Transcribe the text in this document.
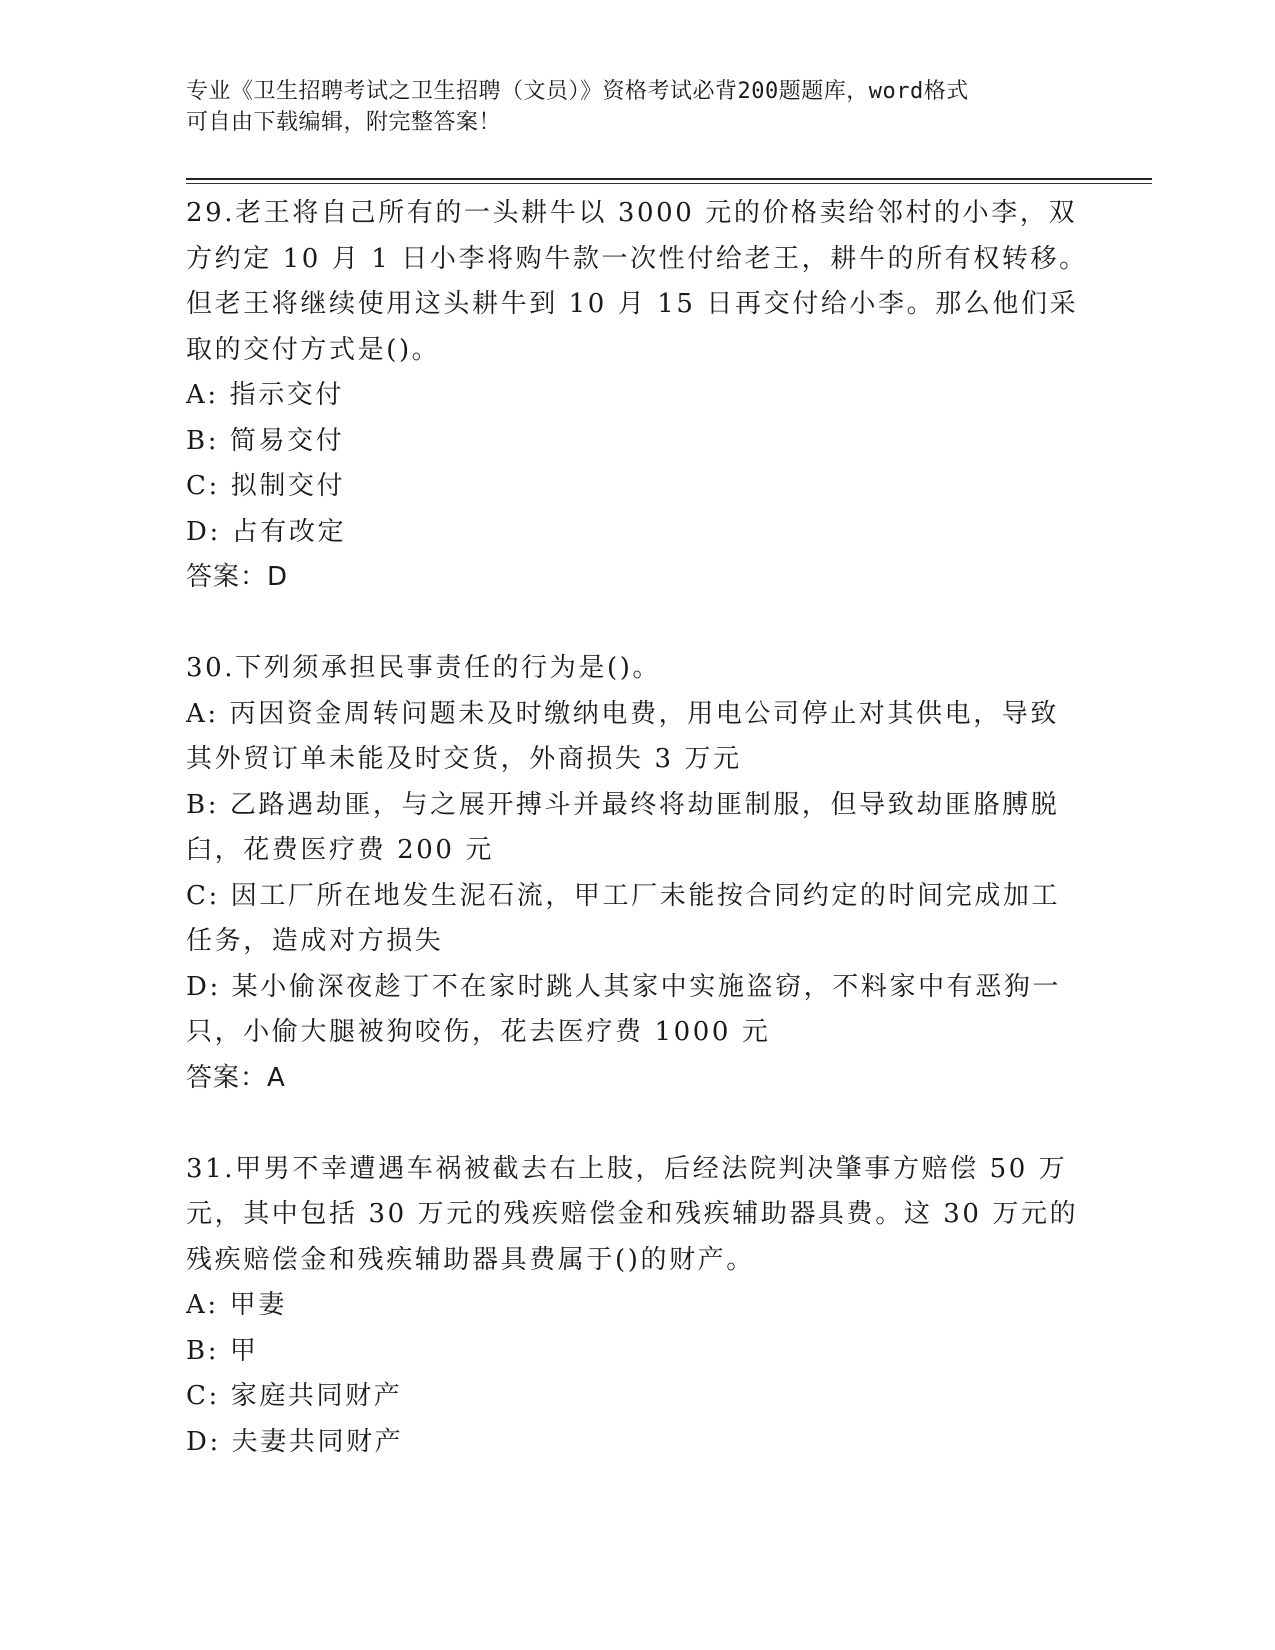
专业《卫生招聘考试之卫生招聘（文员）》资格考试必背200题题库，word格式
可自由下载编辑，附完整答案！
29.老王将自己所有的一头耕牛以 3000 元的价格卖给邻村的小李，双
方约定 10 月 1 日小李将购牛款一次性付给老王，耕牛的所有权转移。
但老王将继续使用这头耕牛到 10 月 15 日再交付给小李。那么他们采
取的交付方式是()。
A: 指示交付
B: 简易交付
C: 拟制交付
D: 占有改定
答案：D
30.下列须承担民事责任的行为是()。
A: 丙因资金周转问题未及时缴纳电费，用电公司停止对其供电，导致
其外贸订单未能及时交货，外商损失 3 万元
B: 乙路遇劫匪，与之展开搏斗并最终将劫匪制服，但导致劫匪胳膊脱
臼，花费医疗费 200 元
C: 因工厂所在地发生泥石流，甲工厂未能按合同约定的时间完成加工
任务，造成对方损失
D: 某小偷深夜趁丁不在家时跳人其家中实施盗窃，不料家中有恶狗一
只，小偷大腿被狗咬伤，花去医疗费 1000 元
答案：A
31.甲男不幸遭遇车祸被截去右上肢，后经法院判决肇事方赔偿 50 万
元，其中包括 30 万元的残疾赔偿金和残疾辅助器具费。这 30 万元的
残疾赔偿金和残疾辅助器具费属于()的财产。
A: 甲妻
B: 甲
C: 家庭共同财产
D: 夫妻共同财产
